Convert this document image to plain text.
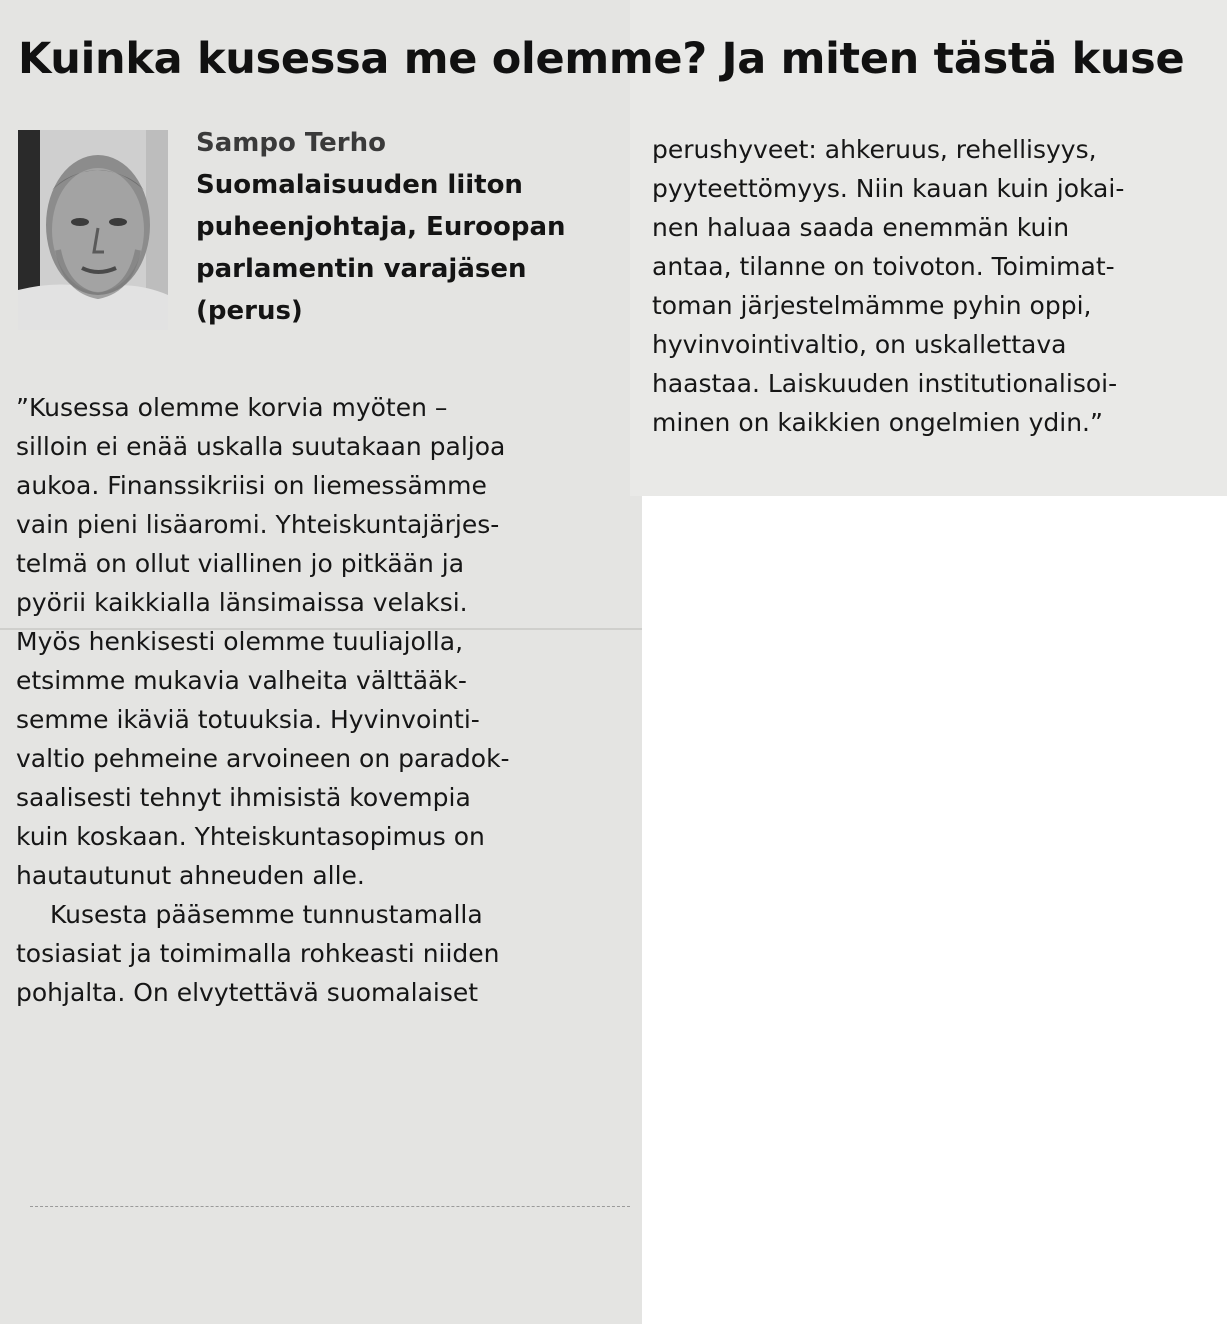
Kuinka kusessa me olemme? Ja miten tästä kuse
Sampo Terho
Suomalaisuuden liiton
puheenjohtaja, Euroopan
parlamentin varajäsen
(perus)
”Kusessa olemme korvia myöten –
silloin ei enää uskalla suutakaan paljoa
aukoa. Finanssikriisi on liemessämme
vain pieni lisäaromi. Yhteiskuntajärjes-
telmä on ollut viallinen jo pitkään ja
pyörii kaikkialla länsimaissa velaksi.
Myös henkisesti olemme tuuliajolla,
etsimme mukavia valheita välttääk-
semme ikäviä totuuksia. Hyvinvointi-
valtio pehmeine arvoineen on paradok-
saalisesti tehnyt ihmisistä kovempia
kuin koskaan. Yhteiskuntasopimus on
hautautunut ahneuden alle.
Kusesta pääsemme tunnustamalla
tosiasiat ja toimimalla rohkeasti niiden
pohjalta. On elvytettävä suomalaiset
perushyveet: ahkeruus, rehellisyys,
pyyteettömyys. Niin kauan kuin jokai-
nen haluaa saada enemmän kuin
antaa, tilanne on toivoton. Toimimat-
toman järjestelmämme pyhin oppi,
hyvinvointivaltio, on uskallettava
haastaa. Laiskuuden institutionalisoi-
minen on kaikkien ongelmien ydin.”
